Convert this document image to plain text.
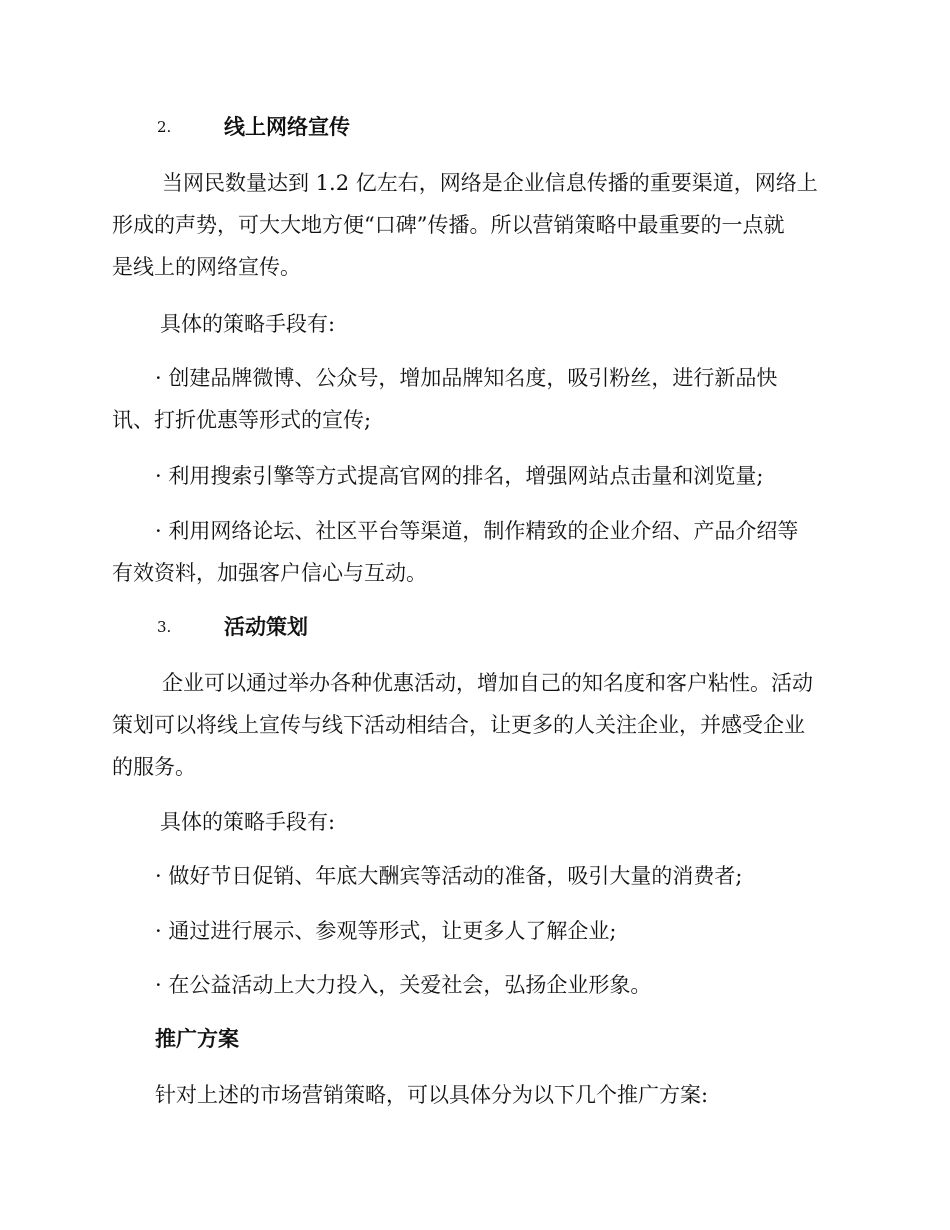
2.	线上网络宣传
当网民数量达到 1.2 亿左右，网络是企业信息传播的重要渠道，网络上
形成的声势，可大大地方便“口碑”传播。所以营销策略中最重要的一点就
是线上的网络宣传。
具体的策略手段有:
· 创建品牌微博、公众号，增加品牌知名度，吸引粉丝，进行新品快
讯、打折优惠等形式的宣传;
· 利用搜索引擎等方式提高官网的排名，增强网站点击量和浏览量;
· 利用网络论坛、社区平台等渠道，制作精致的企业介绍、产品介绍等
有效资料，加强客户信心与互动。
3.	活动策划
企业可以通过举办各种优惠活动，增加自己的知名度和客户粘性。活动
策划可以将线上宣传与线下活动相结合，让更多的人关注企业，并感受企业
的服务。
具体的策略手段有:
· 做好节日促销、年底大酬宾等活动的准备，吸引大量的消费者;
· 通过进行展示、参观等形式，让更多人了解企业;
· 在公益活动上大力投入，关爱社会，弘扬企业形象。
推广方案
针对上述的市场营销策略，可以具体分为以下几个推广方案:
